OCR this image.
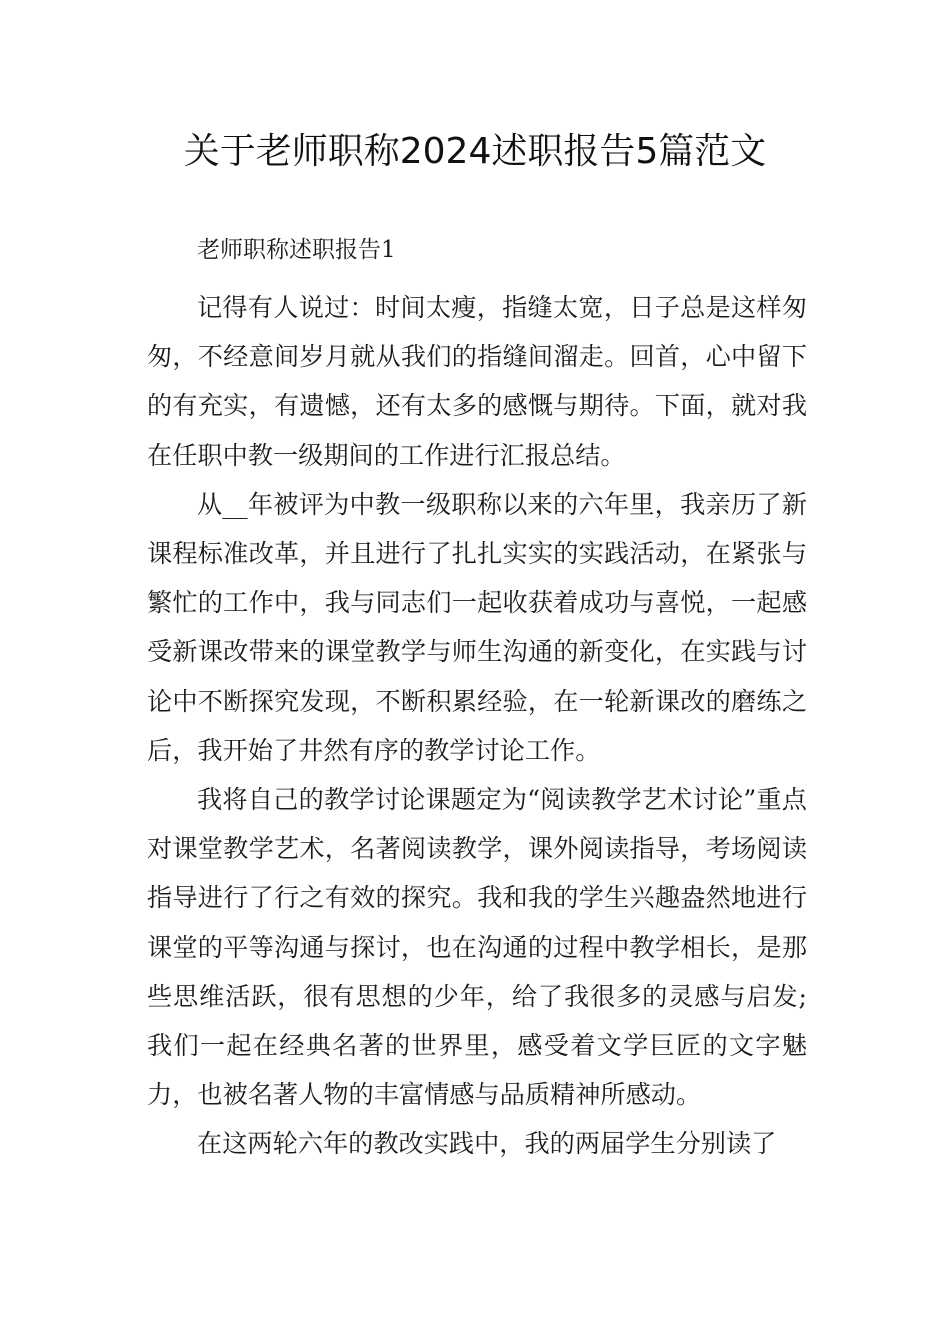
关于老师职称2024述职报告5篇范文

老师职称述职报告1

记得有人说过：时间太瘦，指缝太宽，日子总是这样匆匆，不经意间岁月就从我们的指缝间溜走。回首，心中留下的有充实，有遗憾，还有太多的感慨与期待。下面，就对我在任职中教一级期间的工作进行汇报总结。

从__年被评为中教一级职称以来的六年里，我亲历了新课程标准改革，并且进行了扎扎实实的实践活动，在紧张与繁忙的工作中，我与同志们一起收获着成功与喜悦，一起感受新课改带来的课堂教学与师生沟通的新变化，在实践与讨论中不断探究发现，不断积累经验，在一轮新课改的磨练之后，我开始了井然有序的教学讨论工作。

我将自己的教学讨论课题定为“阅读教学艺术讨论”重点对课堂教学艺术，名著阅读教学，课外阅读指导，考场阅读指导进行了行之有效的探究。我和我的学生兴趣盎然地进行课堂的平等沟通与探讨，也在沟通的过程中教学相长，是那些思维活跃，很有思想的少年，给了我很多的灵感与启发;我们一起在经典名著的世界里，感受着文学巨匠的文字魅力，也被名著人物的丰富情感与品质精神所感动。

在这两轮六年的教改实践中，我的两届学生分别读了
